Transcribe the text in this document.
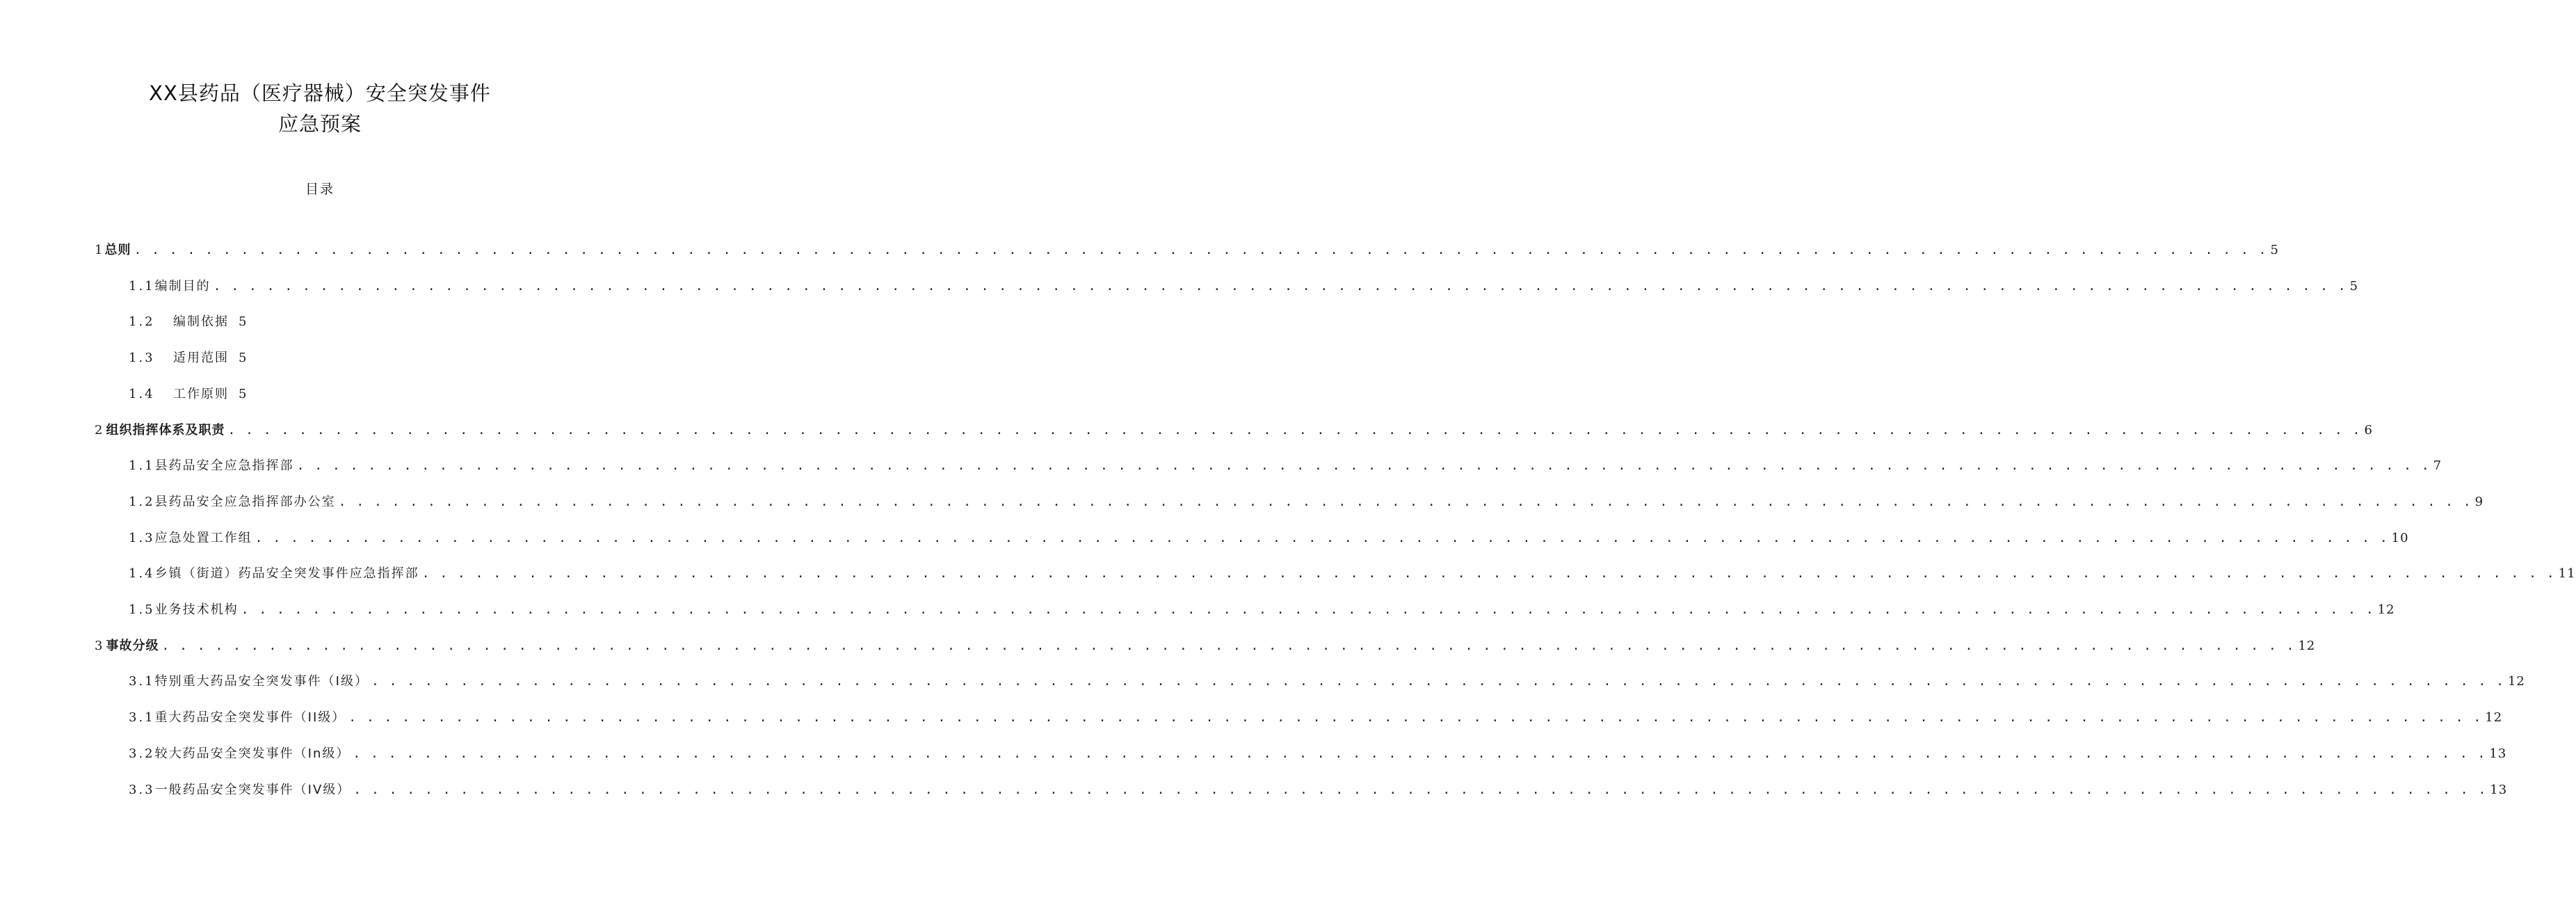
XX县药品（医疗器械）安全突发事件
应急预案
目录
1 总则 . . . . . . . . . . . . . . . . . . . . . . . . . . . . . . . . . . . . . . . . . . . . . . . . . . . . . . . . . . . . . . . . . . . . . . . . . . . . . . . . . . . . . . . . . . . . . . . . . . . . . . . . . . . . . . . . . . . . . . . . 5
1.1 编制目的 . . . . . . . . . . . . . . . . . . . . . . . . . . . . . . . . . . . . . . . . . . . . . . . . . . . . . . . . . . . . . . . . . . . . . . . . . . . . . . . . . . . . . . . . . . . . . . . . . . . . . . . . . . . . . . . . . . . . . . . . 5
1.2	编制依据 5
1.3	适用范围 5
1.4	工作原则 5
2 组织指挥体系及职责 . . . . . . . . . . . . . . . . . . . . . . . . . . . . . . . . . . . . . . . . . . . . . . . . . . . . . . . . . . . . . . . . . . . . . . . . . . . . . . . . . . . . . . . . . . . . . . . . . . . . . . . . . . . . . . . . . . . . . . . . 6
1.1 县药品安全应急指挥部 . . . . . . . . . . . . . . . . . . . . . . . . . . . . . . . . . . . . . . . . . . . . . . . . . . . . . . . . . . . . . . . . . . . . . . . . . . . . . . . . . . . . . . . . . . . . . . . . . . . . . . . . . . . . . . . . . . . . . . . . 7
1.2 县药品安全应急指挥部办公室 . . . . . . . . . . . . . . . . . . . . . . . . . . . . . . . . . . . . . . . . . . . . . . . . . . . . . . . . . . . . . . . . . . . . . . . . . . . . . . . . . . . . . . . . . . . . . . . . . . . . . . . . . . . . . . . . . . . . . . . . 9
1.3 应急处置工作组 . . . . . . . . . . . . . . . . . . . . . . . . . . . . . . . . . . . . . . . . . . . . . . . . . . . . . . . . . . . . . . . . . . . . . . . . . . . . . . . . . . . . . . . . . . . . . . . . . . . . . . . . . . . . . . . . . . . . . . . . 10
1.4 乡镇（街道）药品安全突发事件应急指挥部 . . . . . . . . . . . . . . . . . . . . . . . . . . . . . . . . . . . . . . . . . . . . . . . . . . . . . . . . . . . . . . . . . . . . . . . . . . . . . . . . . . . . . . . . . . . . . . . . . . . . . . . . . . . . . . . . . . . . . . . . 11
1.5 业务技术机构 . . . . . . . . . . . . . . . . . . . . . . . . . . . . . . . . . . . . . . . . . . . . . . . . . . . . . . . . . . . . . . . . . . . . . . . . . . . . . . . . . . . . . . . . . . . . . . . . . . . . . . . . . . . . . . . . . . . . . . . . 12
3 事故分级 . . . . . . . . . . . . . . . . . . . . . . . . . . . . . . . . . . . . . . . . . . . . . . . . . . . . . . . . . . . . . . . . . . . . . . . . . . . . . . . . . . . . . . . . . . . . . . . . . . . . . . . . . . . . . . . . . . . . . . . . 12
3.1 特别重大药品安全突发事件（I级） . . . . . . . . . . . . . . . . . . . . . . . . . . . . . . . . . . . . . . . . . . . . . . . . . . . . . . . . . . . . . . . . . . . . . . . . . . . . . . . . . . . . . . . . . . . . . . . . . . . . . . . . . . . . . . . . . . . . . . . . 12
3.1 重大药品安全突发事件（II级） . . . . . . . . . . . . . . . . . . . . . . . . . . . . . . . . . . . . . . . . . . . . . . . . . . . . . . . . . . . . . . . . . . . . . . . . . . . . . . . . . . . . . . . . . . . . . . . . . . . . . . . . . . . . . . . . . . . . . . . . 12
3.2 较大药品安全突发事件（In级） . . . . . . . . . . . . . . . . . . . . . . . . . . . . . . . . . . . . . . . . . . . . . . . . . . . . . . . . . . . . . . . . . . . . . . . . . . . . . . . . . . . . . . . . . . . . . . . . . . . . . . . . . . . . . . . . . . . . . . . . 13
3.3 一般药品安全突发事件（IV级） . . . . . . . . . . . . . . . . . . . . . . . . . . . . . . . . . . . . . . . . . . . . . . . . . . . . . . . . . . . . . . . . . . . . . . . . . . . . . . . . . . . . . . . . . . . . . . . . . . . . . . . . . . . . . . . . . . . . . . . . 13
